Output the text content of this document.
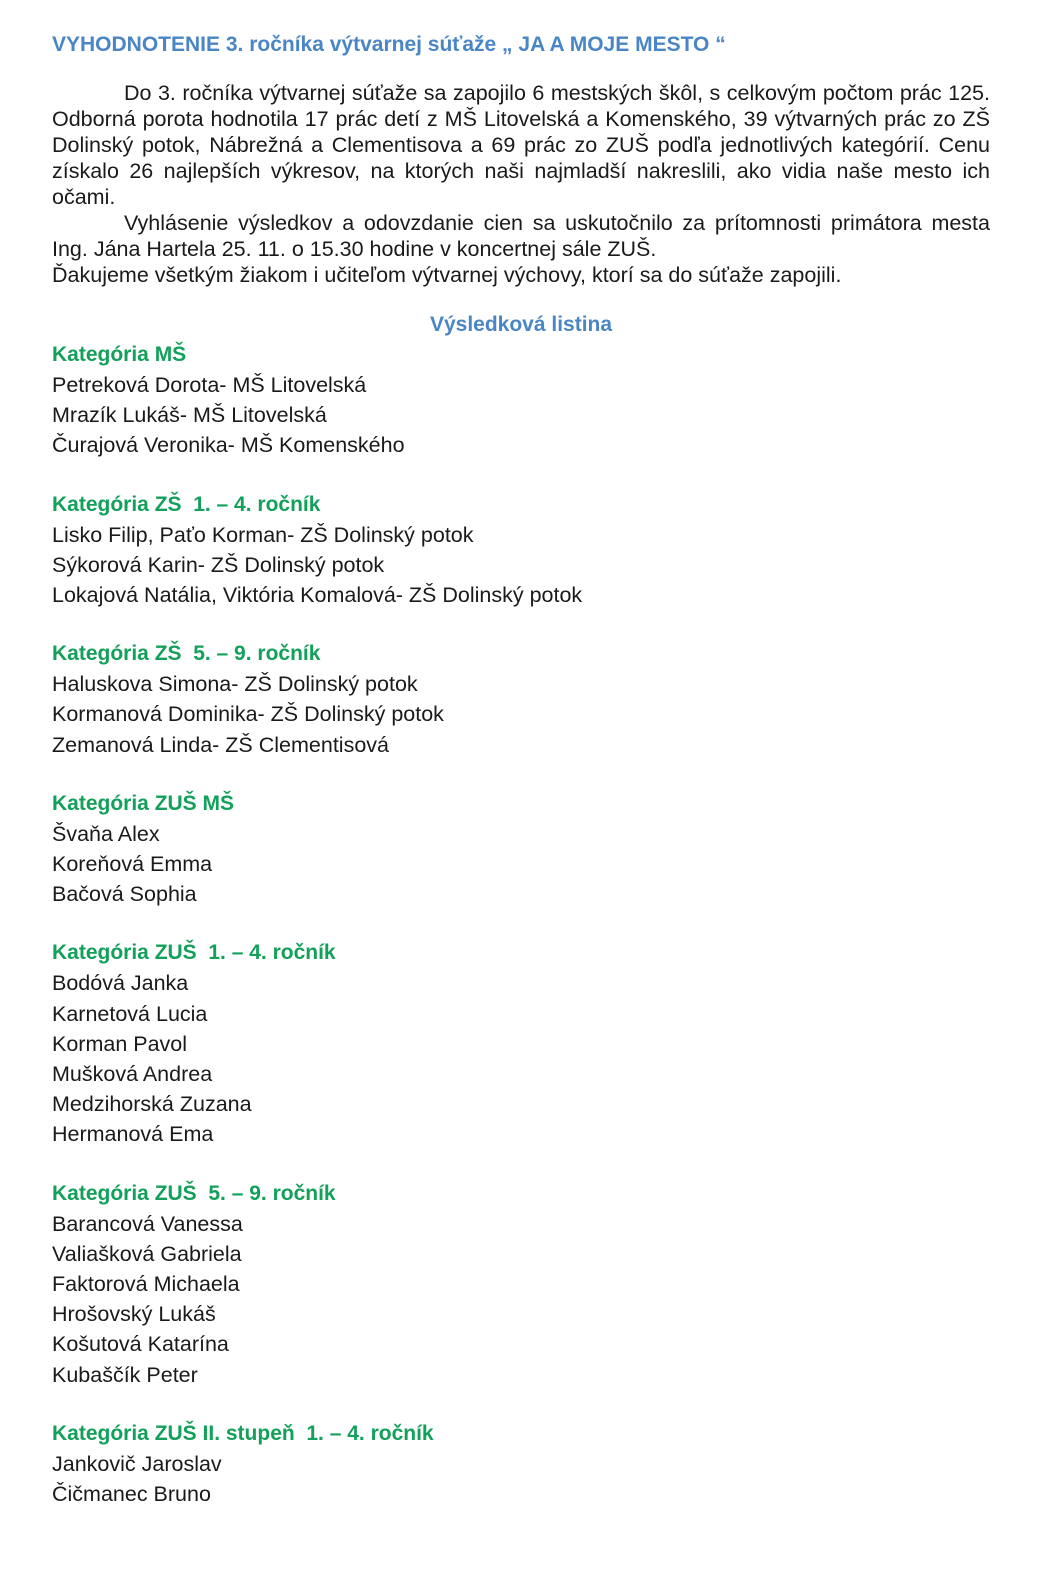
VYHODNOTENIE 3. ročníka výtvarnej súťaže „ JA A MOJE MESTO “

Do 3. ročníka výtvarnej súťaže sa zapojilo 6 mestských škôl, s celkovým počtom prác 125. Odborná porota hodnotila 17 prác detí z MŠ Litovelská a Komenského, 39 výtvarných prác zo ZŠ Dolinský potok, Nábrežná a Clementisova a 69 prác zo ZUŠ podľa jednotlivých kategórií. Cenu získalo 26 najlepších výkresov, na ktorých naši najmladší nakreslili, ako vidia naše mesto ich očami.

Vyhlásenie výsledkov a odovzdanie cien sa uskutočnilo za prítomnosti primátora mesta Ing. Jána Hartela 25. 11. o 15.30 hodine v koncertnej sále ZUŠ.

Ďakujeme všetkým žiakom i učiteľom výtvarnej výchovy, ktorí sa do súťaže zapojili.

Výsledková listina
Kategória MŠ
Petreková Dorota- MŠ Litovelská
Mrazík Lukáš- MŠ Litovelská
Čurajová Veronika- MŠ Komenského
Kategória ZŠ  1. – 4. ročník
Lisko Filip, Paťo Korman- ZŠ Dolinský potok
Sýkorová Karin- ZŠ Dolinský potok
Lokajová Natália, Viktória Komalová- ZŠ Dolinský potok
Kategória ZŠ  5. – 9. ročník
Haluskova Simona- ZŠ Dolinský potok
Kormanová Dominika- ZŠ Dolinský potok
Zemanová Linda- ZŠ Clementisová
Kategória ZUŠ MŠ
Švaňa Alex
Koreňová Emma
Bačová Sophia
Kategória ZUŠ  1. – 4. ročník
Bodóvá Janka
Karnetová Lucia
Korman Pavol
Mušková Andrea
Medzihorská Zuzana
Hermanová Ema
Kategória ZUŠ  5. – 9. ročník
Barancová Vanessa
Valiašková Gabriela
Faktorová Michaela
Hrošovský Lukáš
Košutová Katarína
Kubaščík Peter
Kategória ZUŠ II. stupeň  1. – 4. ročník
Jankovič Jaroslav
Čičmanec Bruno
